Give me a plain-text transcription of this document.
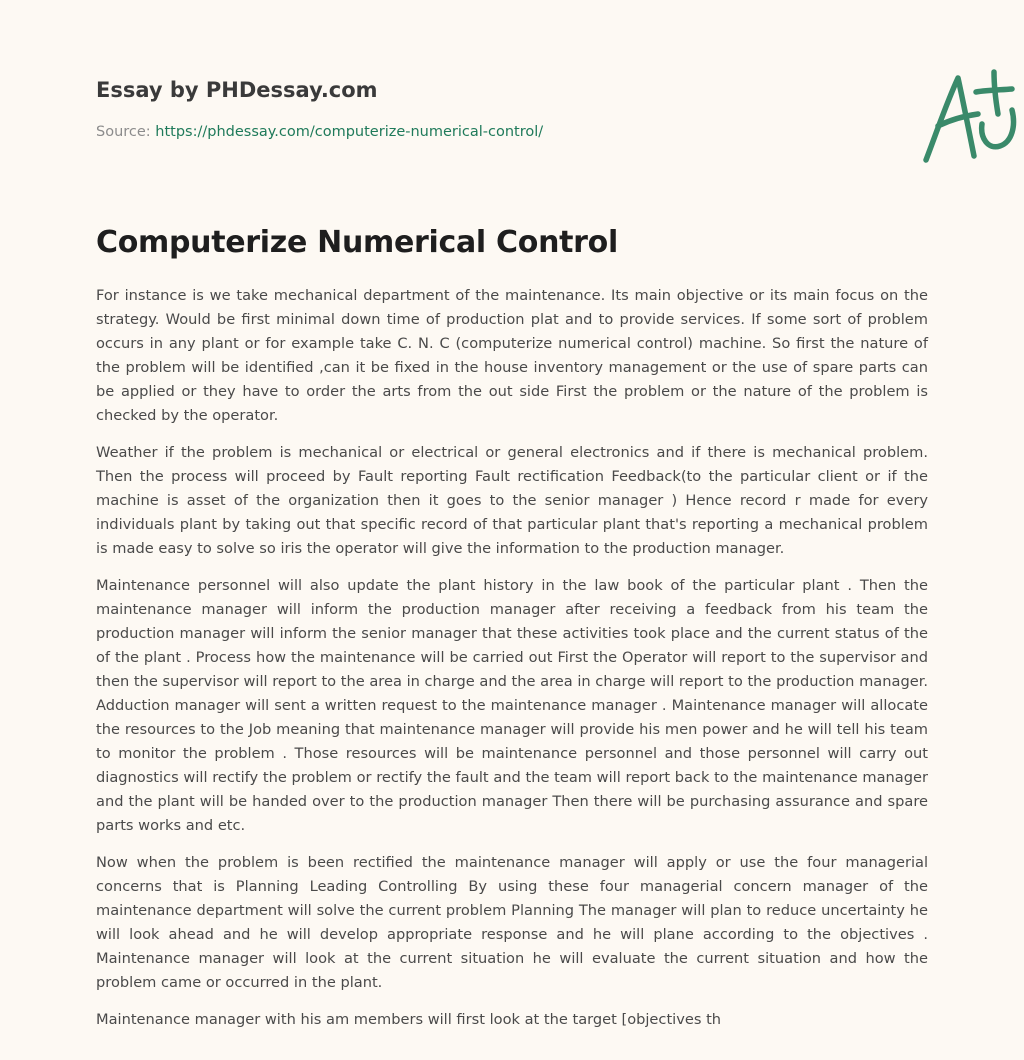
Essay by PHDessay.com

Source: https://phdessay.com/computerize-numerical-control/

Computerize Numerical Control

For instance is we take mechanical department of the maintenance. Its main objective or its main focus on the strategy. Would be first minimal down time of production plat and to provide services. If some sort of problem occurs in any plant or for example take C. N. C (computerize numerical control) machine. So first the nature of the problem will be identified ,can it be fixed in the house inventory management or the use of spare parts can be applied or they have to order the arts from the out side First the problem or the nature of the problem is checked by the operator.

Weather if the problem is mechanical or electrical or general electronics and if there is mechanical problem. Then the process will proceed by Fault reporting Fault rectification Feedback(to the particular client or if the machine is asset of the organization then it goes to the senior manager ) Hence record r made for every individuals plant by taking out that specific record of that particular plant that's reporting a mechanical problem is made easy to solve so iris the operator will give the information to the production manager.

Maintenance personnel will also update the plant history in the law book of the particular plant . Then the maintenance manager will inform the production manager after receiving a feedback from his team the production manager will inform the senior manager that these activities took place and the current status of the of the plant . Process how the maintenance will be carried out First the Operator will report to the supervisor and then the supervisor will report to the area in charge and the area in charge will report to the production manager. Adduction manager will sent a written request to the maintenance manager . Maintenance manager will allocate the resources to the Job meaning that maintenance manager will provide his men power and he will tell his team to monitor the problem . Those resources will be maintenance personnel and those personnel will carry out diagnostics will rectify the problem or rectify the fault and the team will report back to the maintenance manager and the plant will be handed over to the production manager Then there will be purchasing assurance and spare parts works and etc.

Now when the problem is been rectified the maintenance manager will apply or use the four managerial concerns that is Planning Leading Controlling By using these four managerial concern manager of the maintenance department will solve the current problem Planning The manager will plan to reduce uncertainty he will look ahead and he will develop appropriate response and he will plane according to the objectives . Maintenance manager will look at the current situation he will evaluate the current situation and how the problem came or occurred in the plant.

Maintenance manager with his am members will first look at the target [objectives th
